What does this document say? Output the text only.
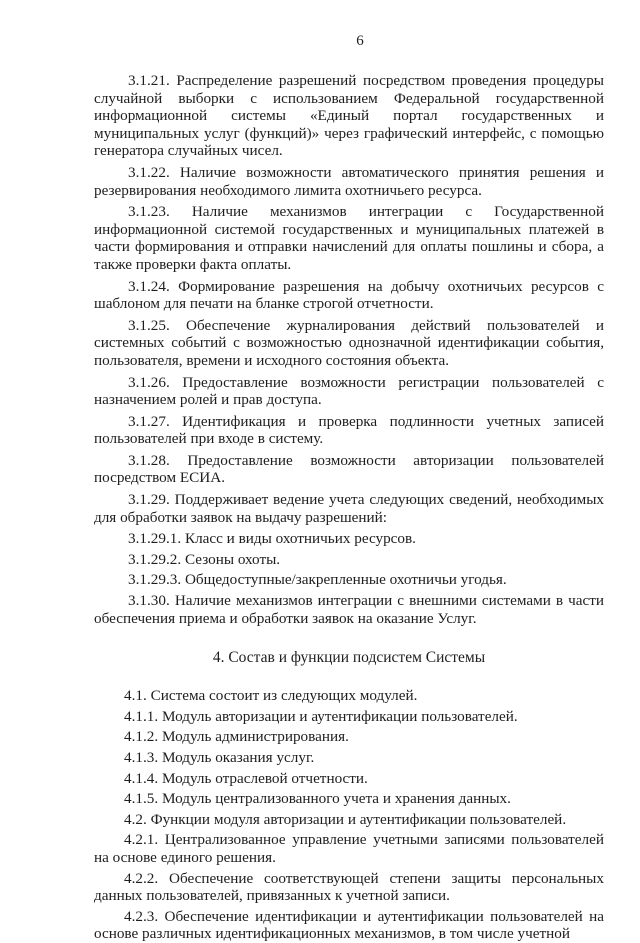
6

3.1.21. Распределение разрешений посредством проведения процедуры случайной выборки с использованием Федеральной государственной информационной системы «Единый портал государственных и муниципальных услуг (функций)» через графический интерфейс, с помощью генератора случайных чисел.

3.1.22. Наличие возможности автоматического принятия решения и резервирования необходимого лимита охотничьего ресурса.

3.1.23. Наличие механизмов интеграции с Государственной информационной системой государственных и муниципальных платежей в части формирования и отправки начислений для оплаты пошлины и сбора, а также проверки факта оплаты.

3.1.24. Формирование разрешения на добычу охотничьих ресурсов с шаблоном для печати на бланке строгой отчетности.

3.1.25. Обеспечение журналирования действий пользователей и системных событий с возможностью однозначной идентификации события, пользователя, времени и исходного состояния объекта.

3.1.26. Предоставление возможности регистрации пользователей с назначением ролей и прав доступа.

3.1.27. Идентификация и проверка подлинности учетных записей пользователей при входе в систему.

3.1.28. Предоставление возможности авторизации пользователей посредством ЕСИА.

3.1.29. Поддерживает ведение учета следующих сведений, необходимых для обработки заявок на выдачу разрешений:

3.1.29.1. Класс и виды охотничьих ресурсов.

3.1.29.2. Сезоны охоты.

3.1.29.3. Общедоступные/закрепленные охотничьи угодья.

3.1.30. Наличие механизмов интеграции с внешними системами в части обеспечения приема и обработки заявок на оказание Услуг.

4. Состав и функции подсистем Системы

4.1. Система состоит из следующих модулей.

4.1.1. Модуль авторизации и аутентификации пользователей.

4.1.2. Модуль администрирования.

4.1.3. Модуль оказания услуг.

4.1.4. Модуль отраслевой отчетности.

4.1.5. Модуль централизованного учета и хранения данных.

4.2. Функции модуля авторизации и аутентификации пользователей.

4.2.1. Централизованное управление учетными записями пользователей на основе единого решения.

4.2.2. Обеспечение соответствующей степени защиты персональных данных пользователей, привязанных к учетной записи.

4.2.3. Обеспечение идентификации и аутентификации пользователей на основе различных идентификационных механизмов, в том числе учетной
